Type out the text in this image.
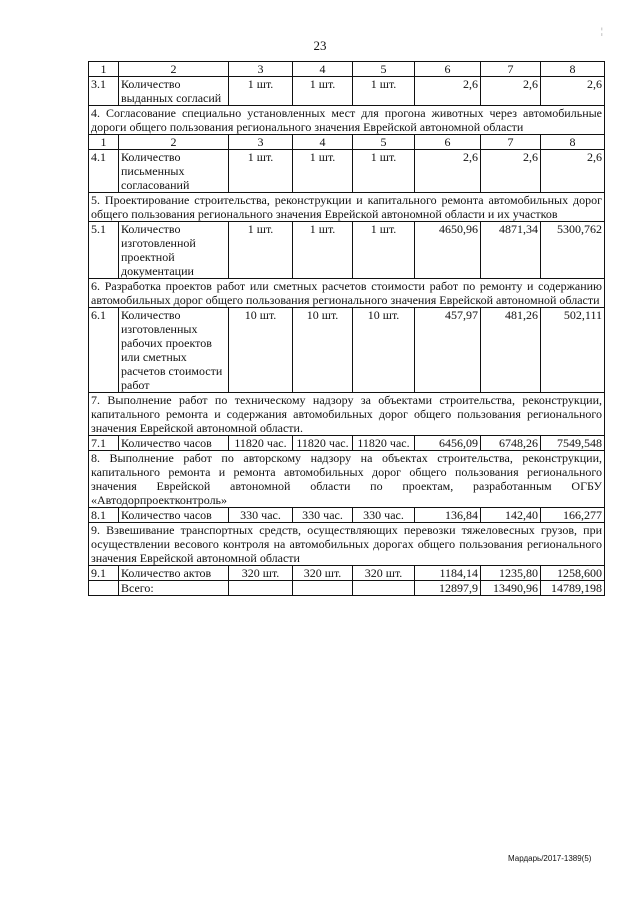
23
¦
1	2	3	4	5	6	7	8
3.1	Количество выданных согласий	1 шт.	1 шт.	1 шт.	2,6	2,6	2,6
4. Согласование специально установленных мест для прогона животных через автомобильные дороги общего пользования регионального значения Еврейской автономной области							
1	2	3	4	5	6	7	8
4.1	Количество письменных согласований	1 шт.	1 шт.	1 шт.	2,6	2,6	2,6
5. Проектирование строительства, реконструкции и капитального ремонта автомобильных дорог общего пользования регионального значения Еврейской автономной области и их участков							
5.1	Количество изготовленной проектной документации	1 шт.	1 шт.	1 шт.	4650,96	4871,34	5300,762
6. Разработка проектов работ или сметных расчетов стоимости работ по ремонту и содержанию автомобильных дорог общего пользования регионального значения Еврейской автономной области							
6.1	Количество изготовленных рабочих проектов или сметных расчетов стоимости работ	10 шт.	10 шт.	10 шт.	457,97	481,26	502,111
7. Выполнение работ по техническому надзору за объектами строительства, реконструкции, капитального ремонта и содержания автомобильных дорог общего пользования регионального значения Еврейской автономной области.							
7.1	Количество часов	11820 час.	11820 час.	11820 час.	6456,09	6748,26	7549,548
8. Выполнение работ по авторскому надзору на объектах строительства, реконструкции, капитального ремонта и ремонта автомобильных дорог общего пользования регионального значения Еврейской автономной области по проектам, разработанным ОГБУ «Автодорпроектконтроль»							
8.1	Количество часов	330 час.	330 час.	330 час.	136,84	142,40	166,277
9. Взвешивание транспортных средств, осуществляющих перевозки тяжеловесных грузов, при осуществлении весового контроля на автомобильных дорогах общего пользования регионального значения Еврейской автономной области							
9.1	Количество актов	320 шт.	320 шт.	320 шт.	1184,14	1235,80	1258,600
	Всего:				12897,9	13490,96	14789,198
Мардарь/2017-1389(5)
